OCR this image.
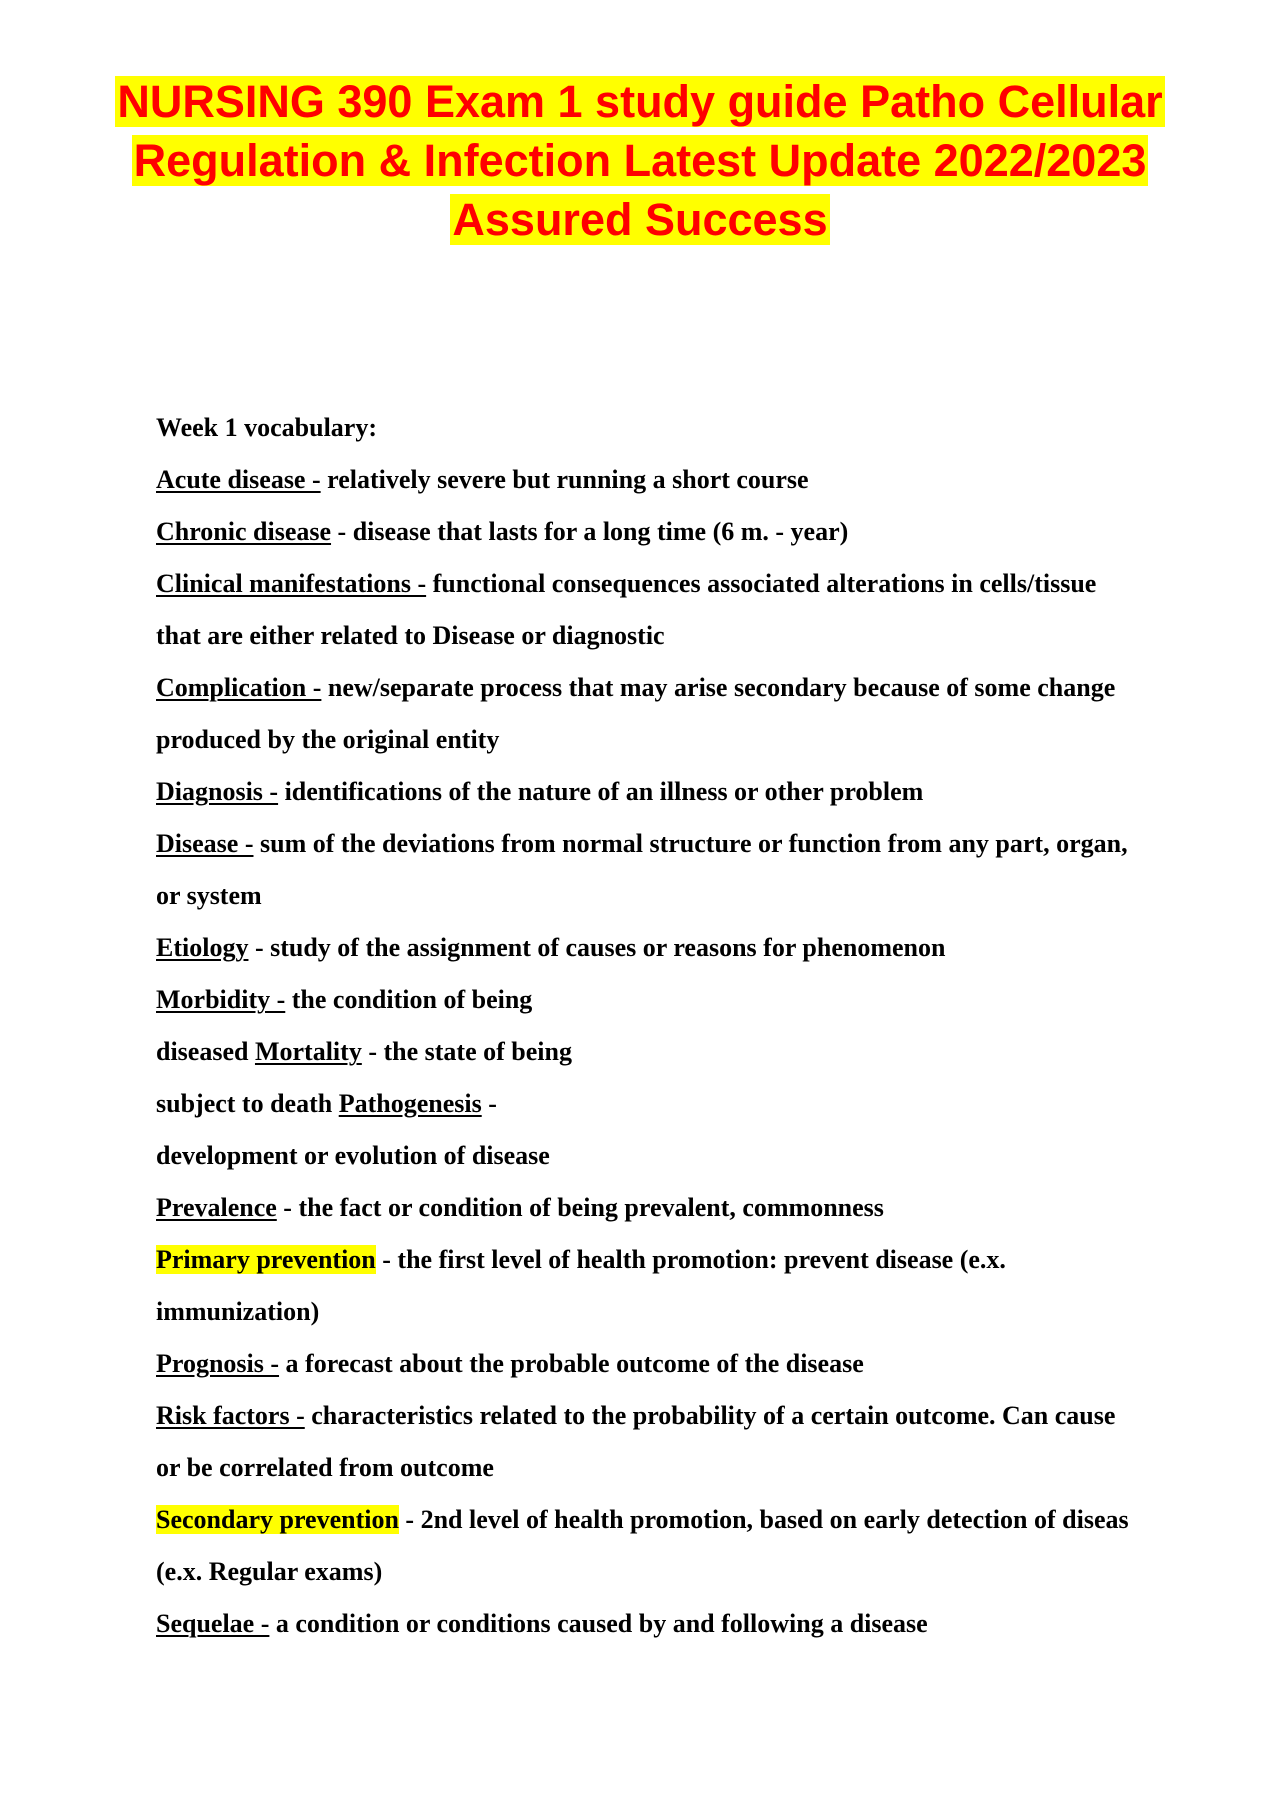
NURSING 390 Exam 1 study guide Patho Cellular
Regulation & Infection Latest Update 2022/2023
Assured Success
Week 1 vocabulary:
Acute disease - relatively severe but running a short course
Chronic disease - disease that lasts for a long time (6 m. - year)
Clinical manifestations - functional consequences associated alterations in cells/tissue
that are either related to Disease or diagnostic
Complication - new/separate process that may arise secondary because of some change
produced by the original entity
Diagnosis - identifications of the nature of an illness or other problem
Disease - sum of the deviations from normal structure or function from any part, organ,
or system
Etiology - study of the assignment of causes or reasons for phenomenon
Morbidity - the condition of being
diseased Mortality - the state of being
subject to death Pathogenesis -
development or evolution of disease
Prevalence - the fact or condition of being prevalent, commonness
Primary prevention - the first level of health promotion: prevent disease (e.x.
immunization)
Prognosis - a forecast about the probable outcome of the disease
Risk factors - characteristics related to the probability of a certain outcome. Can cause
or be correlated from outcome
Secondary prevention - 2nd level of health promotion, based on early detection of diseas
(e.x. Regular exams)
Sequelae - a condition or conditions caused by and following a disease
